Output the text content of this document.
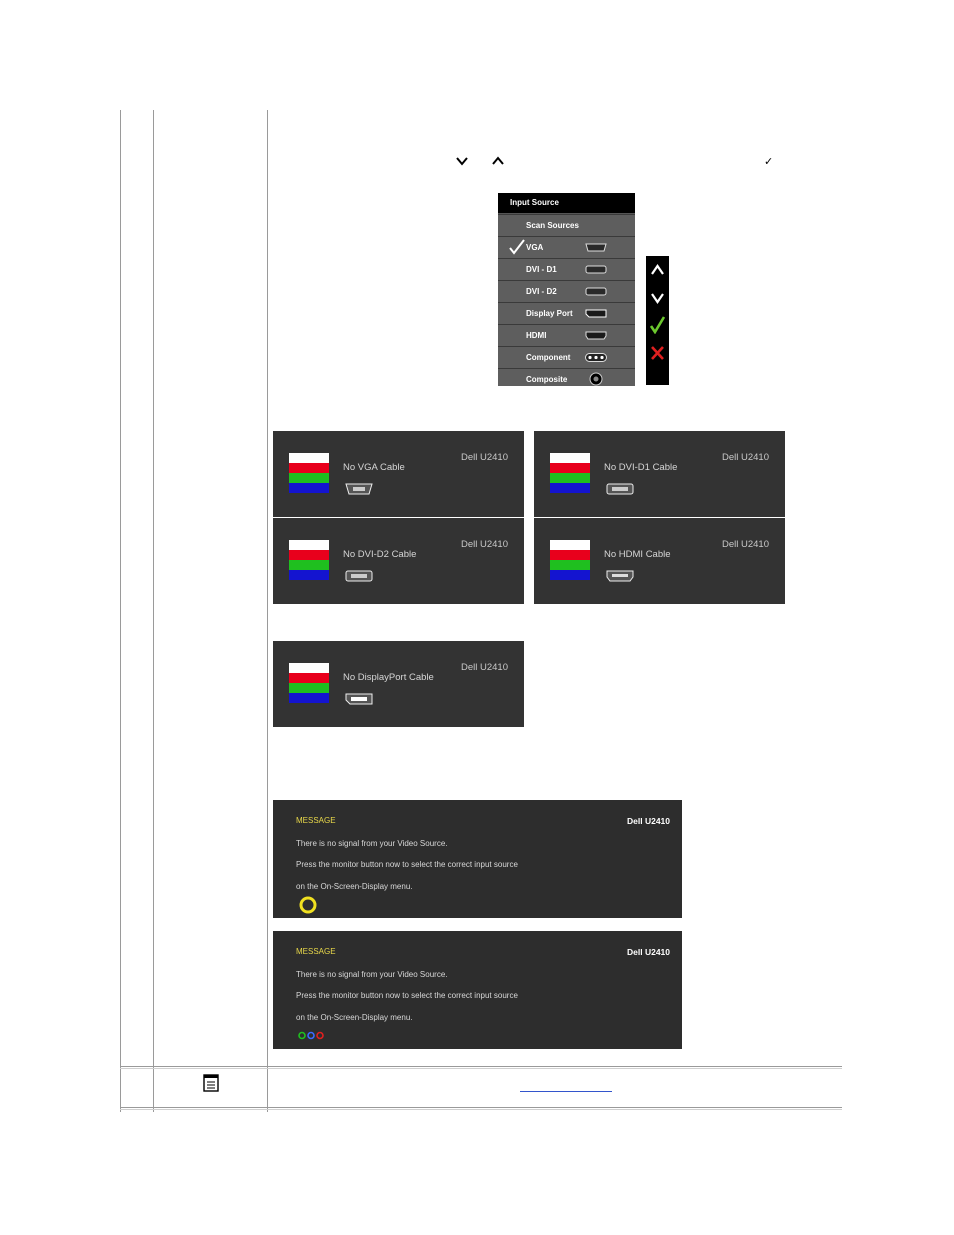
✓
Input Source
Scan Sources
VGA
DVI - D1
DVI - D2
Display Port
HDMI
Component
Composite
No VGA Cable
Dell U2410
No DVI-D1 Cable
Dell U2410
No DVI-D2 Cable
Dell U2410
No HDMI Cable
Dell U2410
No DisplayPort Cable
Dell U2410
MESSAGE	Dell U2410
There is no signal from your Video Source.
Press the monitor button now to select the correct input source
on the On-Screen-Display menu.
MESSAGE	Dell U2410
There is no signal from your Video Source.
Press the monitor button now to select the correct input source
on the On-Screen-Display menu.
